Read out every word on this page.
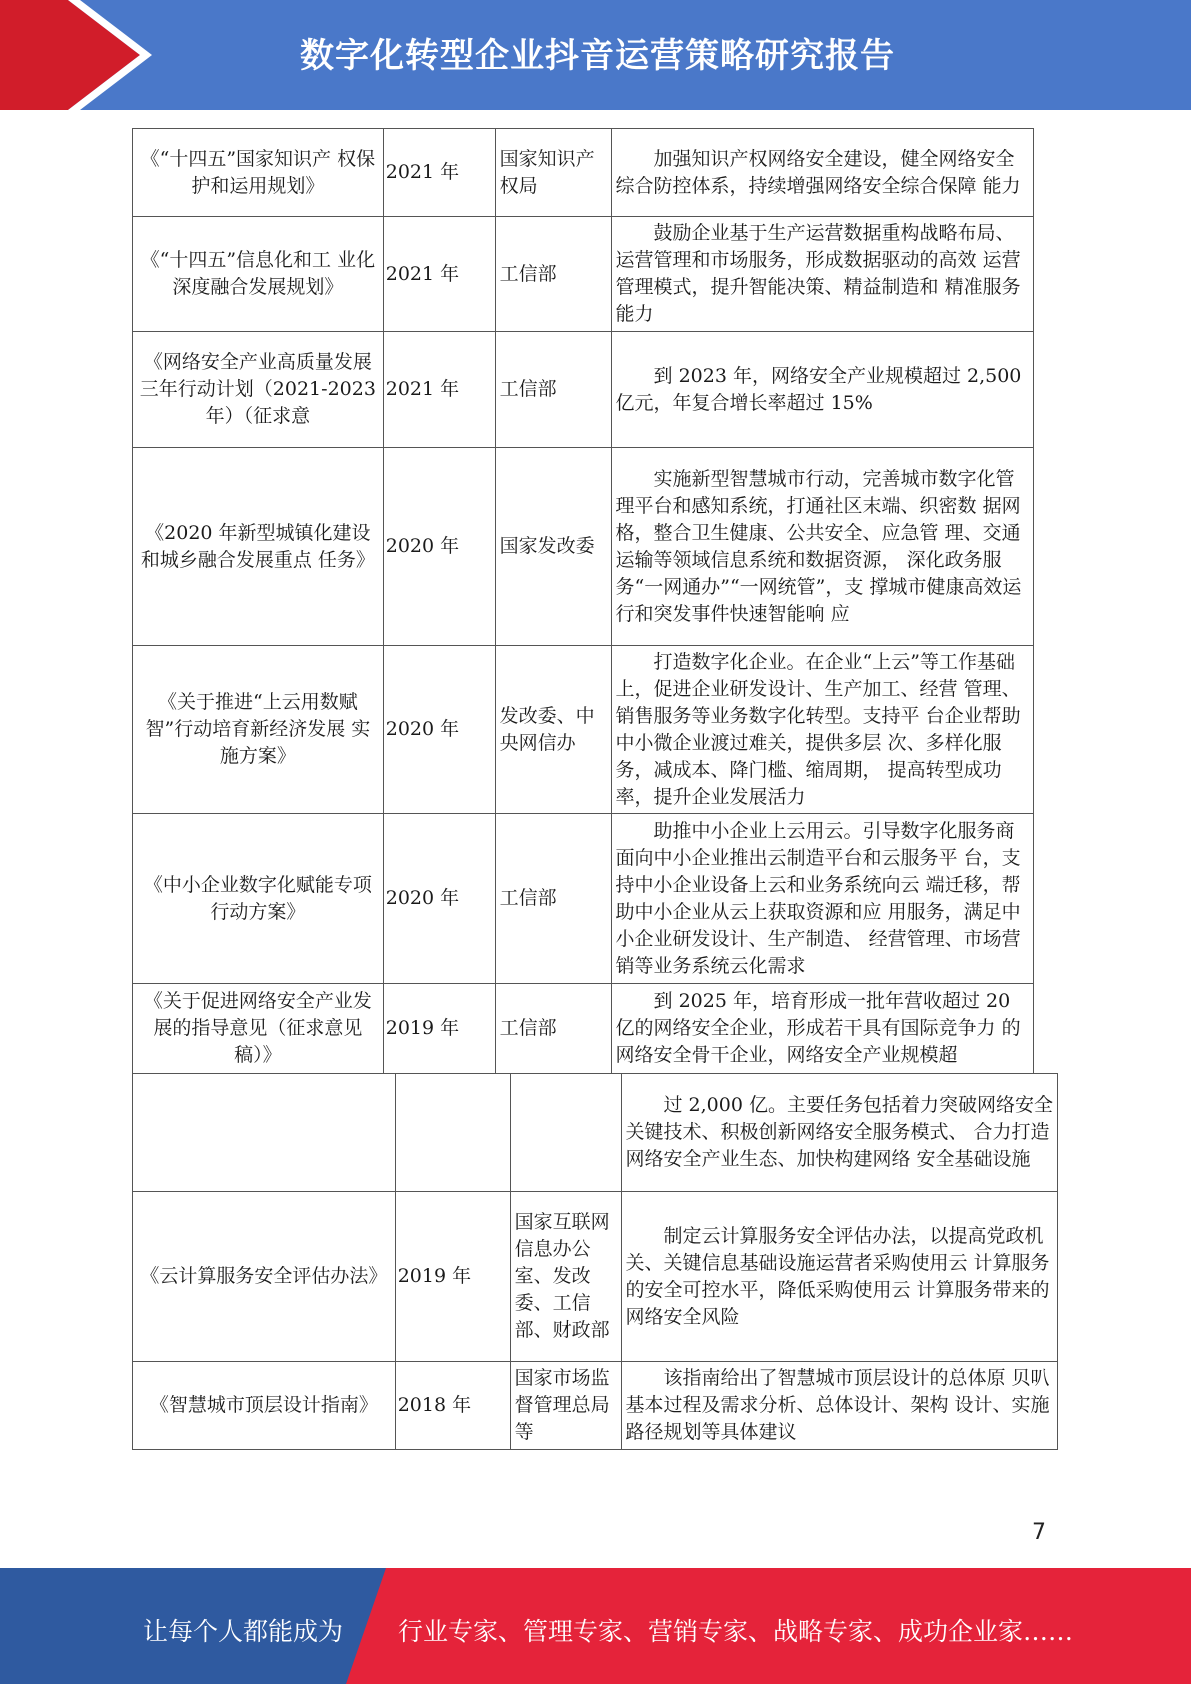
数字化转型企业抖音运营策略研究报告
《“十四五”国家知识产 权保护和运用规划》	2021 年	国家知识产权局	加强知识产权网络安全建设，健全网络安全综合防控体系，持续增强网络安全综合保障 能力
《“十四五”信息化和工 业化深度融合发展规划》	2021 年	工信部	鼓励企业基于生产运营数据重构战略布局、运营管理和市场服务，形成数据驱动的高效 运营管理模式，提升智能决策、精益制造和 精准服务能力
《网络安全产业高质量发展三年行动计划（2021-2023 年）（征求意	2021 年	工信部	到 2023 年，网络安全产业规模超过 2,500 亿元，年复合增长率超过 15%
《2020 年新型城镇化建设和城乡融合发展重点 任务》	2020 年	国家发改委	实施新型智慧城市行动，完善城市数字化管理平台和感知系统，打通社区末端、织密数 据网格，整合卫生健康、公共安全、应急管 理、交通运输等领域信息系统和数据资源， 深化政务服务“一网通办”“一网统管”，支 撑城市健康高效运行和突发事件快速智能响 应
《关于推进“上云用数赋 智”行动培育新经济发展 实施方案》	2020 年	发改委、中央网信办	打造数字化企业。在企业“上云”等工作基础上，促进企业研发设计、生产加工、经营 管理、销售服务等业务数字化转型。支持平 台企业帮助中小微企业渡过难关，提供多层 次、多样化服务，减成本、降门槛、缩周期， 提高转型成功率，提升企业发展活力
《中小企业数字化赋能专项行动方案》	2020 年	工信部	助推中小企业上云用云。引导数字化服务商面向中小企业推出云制造平台和云服务平 台，支持中小企业设备上云和业务系统向云 端迁移，帮助中小企业从云上获取资源和应 用服务，满足中小企业研发设计、生产制造、 经营管理、市场营销等业务系统云化需求
《关于促进网络安全产业发展的指导意见（征求意见稿）》	2019 年	工信部	到 2025 年，培育形成一批年营收超过 20 亿的网络安全企业，形成若干具有国际竞争力 的网络安全骨干企业，网络安全产业规模超
			过 2,000 亿。主要任务包括着力突破网络安全关键技术、积极创新网络安全服务模式、 合力打造网络安全产业生态、加快构建网络 安全基础设施
《云计算服务安全评估办法》	2019 年	国家互联网信息办公室、发改委、工信部、财政部	制定云计算服务安全评估办法，以提高党政机关、关键信息基础设施运营者采购使用云 计算服务的安全可控水平，降低采购使用云 计算服务带来的网络安全风险
《智慧城市顶层设计指南》	2018 年	国家市场监督管理总局等	该指南给出了智慧城市顶层设计的总体原 贝叭基本过程及需求分析、总体设计、架构 设计、实施路径规划等具体建议
7
让每个人都能成为 行业专家、管理专家、营销专家、战略专家、成功企业家……
